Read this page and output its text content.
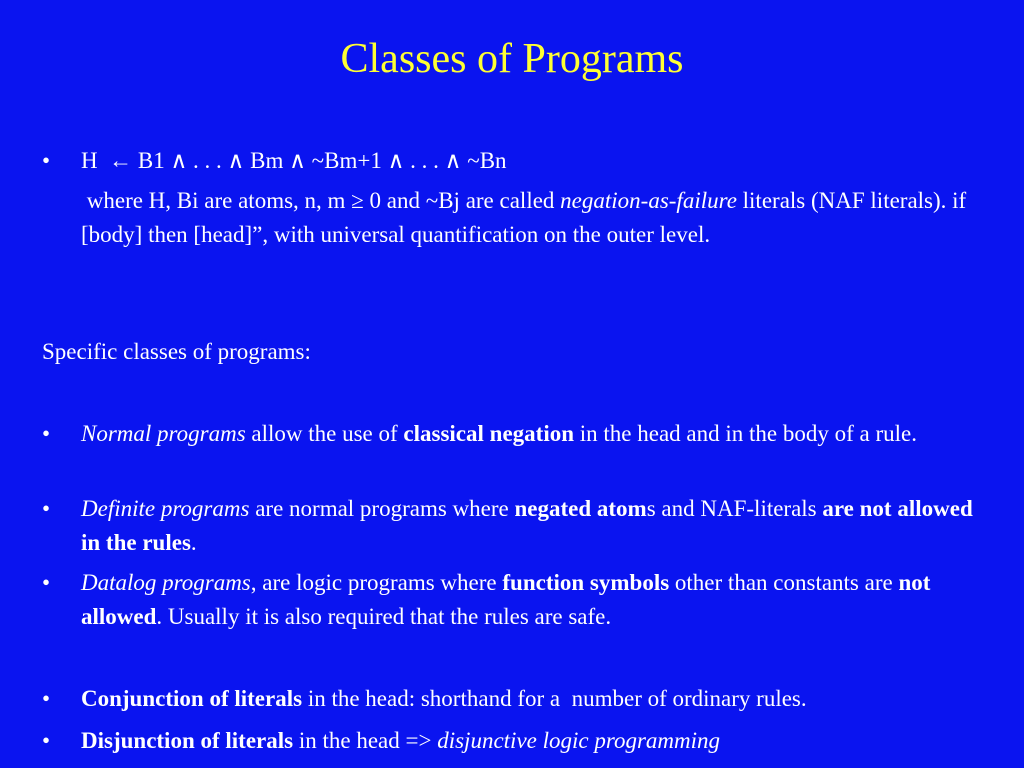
Classes of Programs
• H  ← B1 ∧ . . . ∧ Bm ∧ ~Bm+1 ∧ . . . ∧ ~Bn
where H, Bi are atoms, n, m ≥ 0 and ~Bj are called negation-as-failure literals (NAF literals). if [body] then [head]”, with universal quantification on the outer level.
Specific classes of programs:
• Normal programs allow the use of classical negation in the head and in the body of a rule.
• Definite programs are normal programs where negated atoms and NAF-literals are not allowed in the rules.
• Datalog programs, are logic programs where function symbols other than constants are not allowed. Usually it is also required that the rules are safe.
• Conjunction of literals in the head: shorthand for a  number of ordinary rules.
• Disjunction of literals in the head => disjunctive logic programming
